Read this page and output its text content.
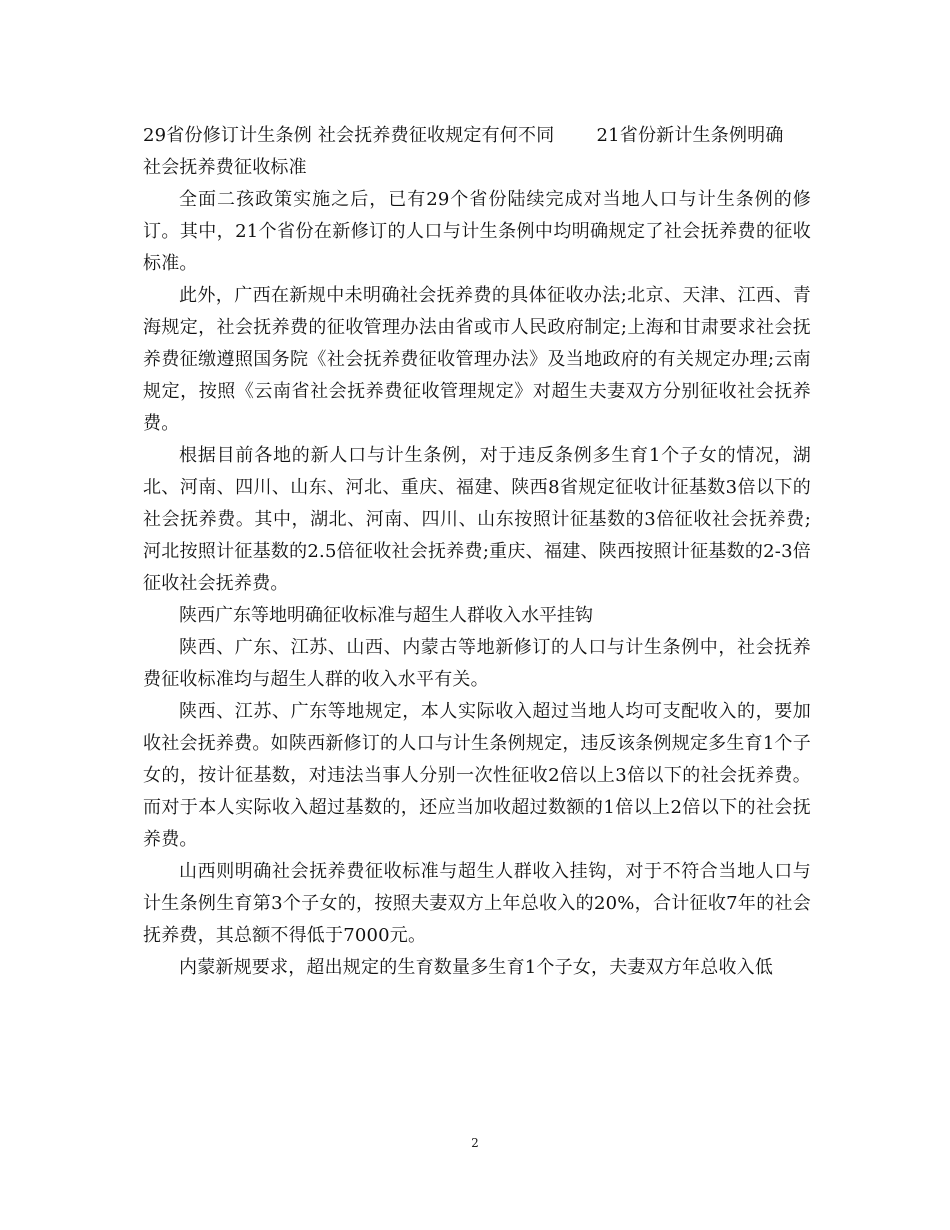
29省份修订计生条例 社会抚养费征收规定有何不同 21省份新计生条例明确

社会抚养费征收标准

全面二孩政策实施之后，已有29个省份陆续完成对当地人口与计生条例的修订。其中，21个省份在新修订的人口与计生条例中均明确规定了社会抚养费的征收标准。

此外，广西在新规中未明确社会抚养费的具体征收办法;北京、天津、江西、青海规定，社会抚养费的征收管理办法由省或市人民政府制定;上海和甘肃要求社会抚养费征缴遵照国务院《社会抚养费征收管理办法》及当地政府的有关规定办理;云南规定，按照《云南省社会抚养费征收管理规定》对超生夫妻双方分别征收社会抚养费。

根据目前各地的新人口与计生条例，对于违反条例多生育1个子女的情况，湖北、河南、四川、山东、河北、重庆、福建、陕西8省规定征收计征基数3倍以下的社会抚养费。其中，湖北、河南、四川、山东按照计征基数的3倍征收社会抚养费;河北按照计征基数的2.5倍征收社会抚养费;重庆、福建、陕西按照计征基数的2-3倍征收社会抚养费。

陕西广东等地明确征收标准与超生人群收入水平挂钩

陕西、广东、江苏、山西、内蒙古等地新修订的人口与计生条例中，社会抚养费征收标准均与超生人群的收入水平有关。

陕西、江苏、广东等地规定，本人实际收入超过当地人均可支配收入的，要加收社会抚养费。如陕西新修订的人口与计生条例规定，违反该条例规定多生育1个子女的，按计征基数，对违法当事人分别一次性征收2倍以上3倍以下的社会抚养费。而对于本人实际收入超过基数的，还应当加收超过数额的1倍以上2倍以下的社会抚养费。

山西则明确社会抚养费征收标准与超生人群收入挂钩，对于不符合当地人口与计生条例生育第3个子女的，按照夫妻双方上年总收入的20%，合计征收7年的社会抚养费，其总额不得低于7000元。

内蒙新规要求，超出规定的生育数量多生育1个子女，夫妻双方年总收入低

2
